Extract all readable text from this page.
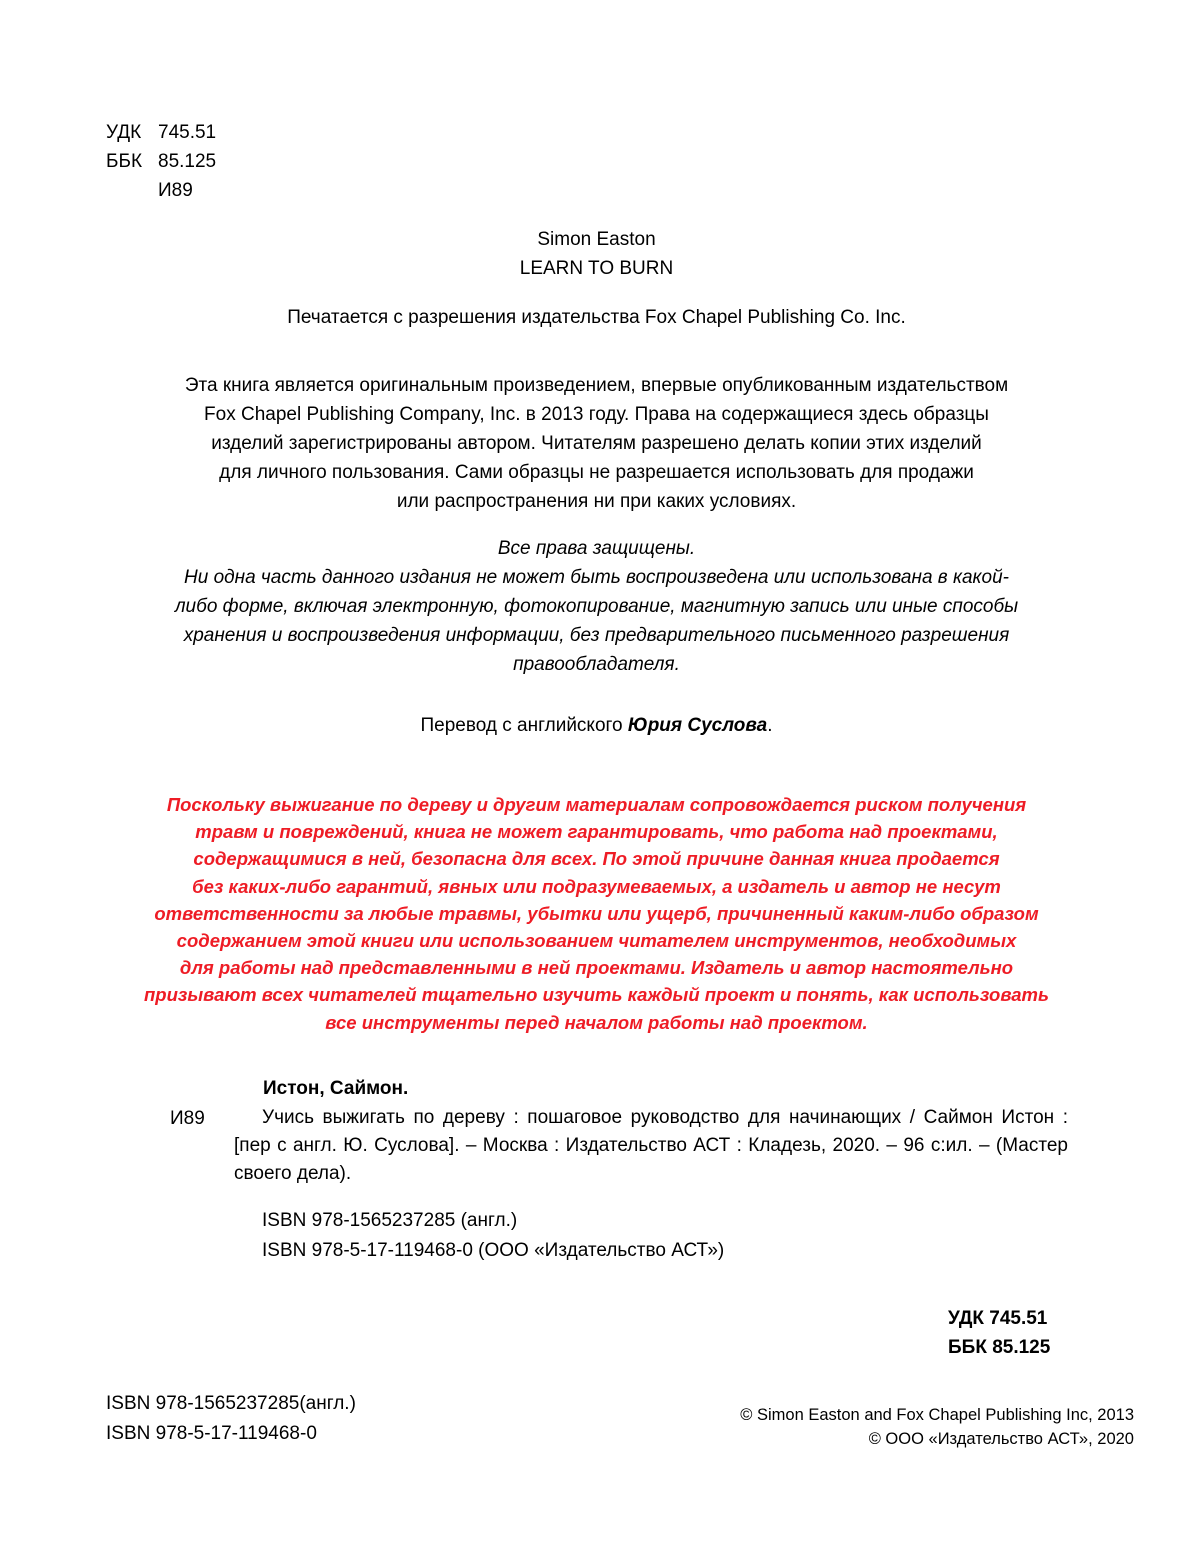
УДК 745.51
ББК 85.125
И89
Simon Easton
LEARN TO BURN
Печатается с разрешения издательства Fox Chapel Publishing Co. Inc.
Эта книга является оригинальным произведением, впервые опубликованным издательством
Fox Chapel Publishing Company, Inc. в 2013 году. Права на содержащиеся здесь образцы
изделий зарегистрированы автором. Читателям разрешено делать копии этих изделий
для личного пользования. Сами образцы не разрешается использовать для продажи
или распространения ни при каких условиях.
Все права защищены.
Ни одна часть данного издания не может быть воспроизведена или использована в какой-
либо форме, включая электронную, фотокопирование, магнитную запись или иные способы
хранения и воспроизведения информации, без предварительного письменного разрешения
правообладателя.
Перевод с английского Юрия Суслова.
Поскольку выжигание по дереву и другим материалам сопровождается риском получения
травм и повреждений, книга не может гарантировать, что работа над проектами,
содержащимися в ней, безопасна для всех. По этой причине данная книга продается
без каких-либо гарантий, явных или подразумеваемых, а издатель и автор не несут
ответственности за любые травмы, убытки или ущерб, причиненный каким-либо образом
содержанием этой книги или использованием читателем инструментов, необходимых
для работы над представленными в ней проектами. Издатель и автор настоятельно
призывают всех читателей тщательно изучить каждый проект и понять, как использовать
все инструменты перед началом работы над проектом.
Истон, Саймон.
И89	Учись выжигать по дереву : пошаговое руководство для начинающих / Саймон Истон : [пер с англ. Ю. Суслова]. – Москва : Издательство АСТ : Кладезь, 2020. – 96 с:ил. – (Мастер своего дела).
ISBN 978-1565237285 (англ.)
ISBN 978-5-17-119468-0 (ООО «Издательство АСТ»)
УДК 745.51
ББК 85.125
ISBN 978-1565237285(англ.)
ISBN 978-5-17-119468-0
© Simon Easton and Fox Chapel Publishing Inc, 2013
© ООО «Издательство АСТ», 2020
